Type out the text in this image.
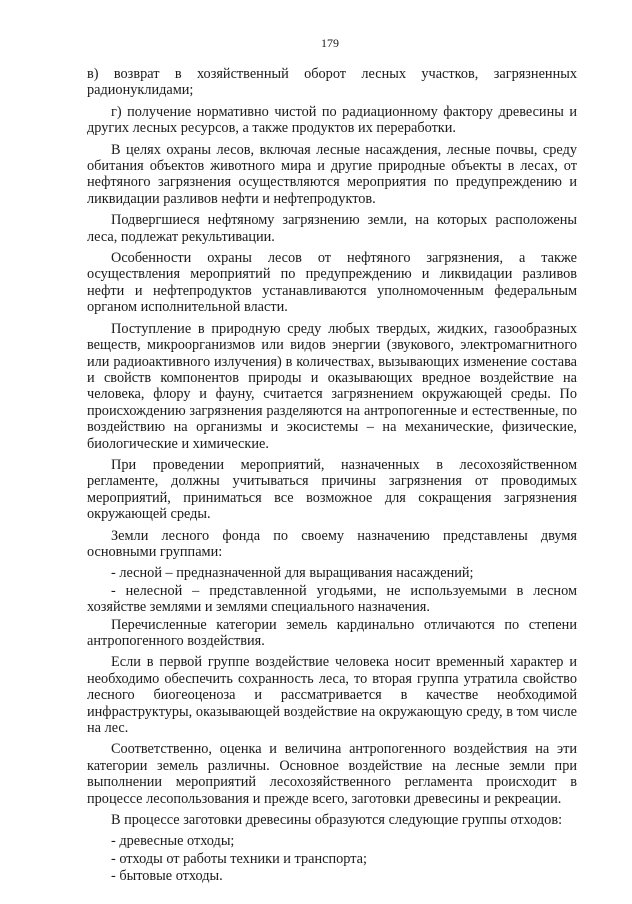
179

в) возврат в хозяйственный оборот лесных участков, загрязненных радионуклидами;

г) получение нормативно чистой по радиационному фактору древесины и других лесных ресурсов, а также продуктов их переработки.

В целях охраны лесов, включая лесные насаждения, лесные почвы, среду обитания объектов животного мира и другие природные объекты в лесах, от нефтяного загрязнения осуществляются мероприятия по предупреждению и ликвидации разливов нефти и нефтепродуктов.

Подвергшиеся нефтяному загрязнению земли, на которых расположены леса, подлежат рекультивации.

Особенности охраны лесов от нефтяного загрязнения, а также осуществления мероприятий по предупреждению и ликвидации разливов нефти и нефтепродуктов устанавливаются уполномоченным федеральным органом исполнительной власти.

Поступление в природную среду любых твердых, жидких, газообразных веществ, микроорганизмов или видов энергии (звукового, электромагнитного или радиоактивного излучения) в количествах, вызывающих изменение состава и свойств компонентов природы и оказывающих вредное воздействие на человека, флору и фауну, считается загрязнением окружающей среды. По происхождению загрязнения разделяются на антропогенные и естественные, по воздействию на организмы и экосистемы – на механические, физические, биологические и химические.

При проведении мероприятий, назначенных в лесохозяйственном регламенте, должны учитываться причины загрязнения от проводимых мероприятий, приниматься все возможное для сокращения загрязнения окружающей среды.

Земли лесного фонда по своему назначению представлены двумя основными группами:

- лесной – предназначенной для выращивания насаждений;

- нелесной – представленной угодьями, не используемыми в лесном хозяйстве землями и землями специального назначения.

Перечисленные категории земель кардинально отличаются по степени антропогенного воздействия.

Если в первой группе воздействие человека носит временный характер и необходимо обеспечить сохранность леса, то вторая группа утратила свойство лесного биогеоценоза и рассматривается в качестве необходимой инфраструктуры, оказывающей воздействие на окружающую среду, в том числе на лес.

Соответственно, оценка и величина антропогенного воздействия на эти категории земель различны. Основное воздействие на лесные земли при выполнении мероприятий лесохозяйственного регламента происходит в процессе лесопользования и прежде всего, заготовки древесины и рекреации.

В процессе заготовки древесины образуются следующие группы отходов:

- древесные отходы;

- отходы от работы техники и транспорта;

- бытовые отходы.
